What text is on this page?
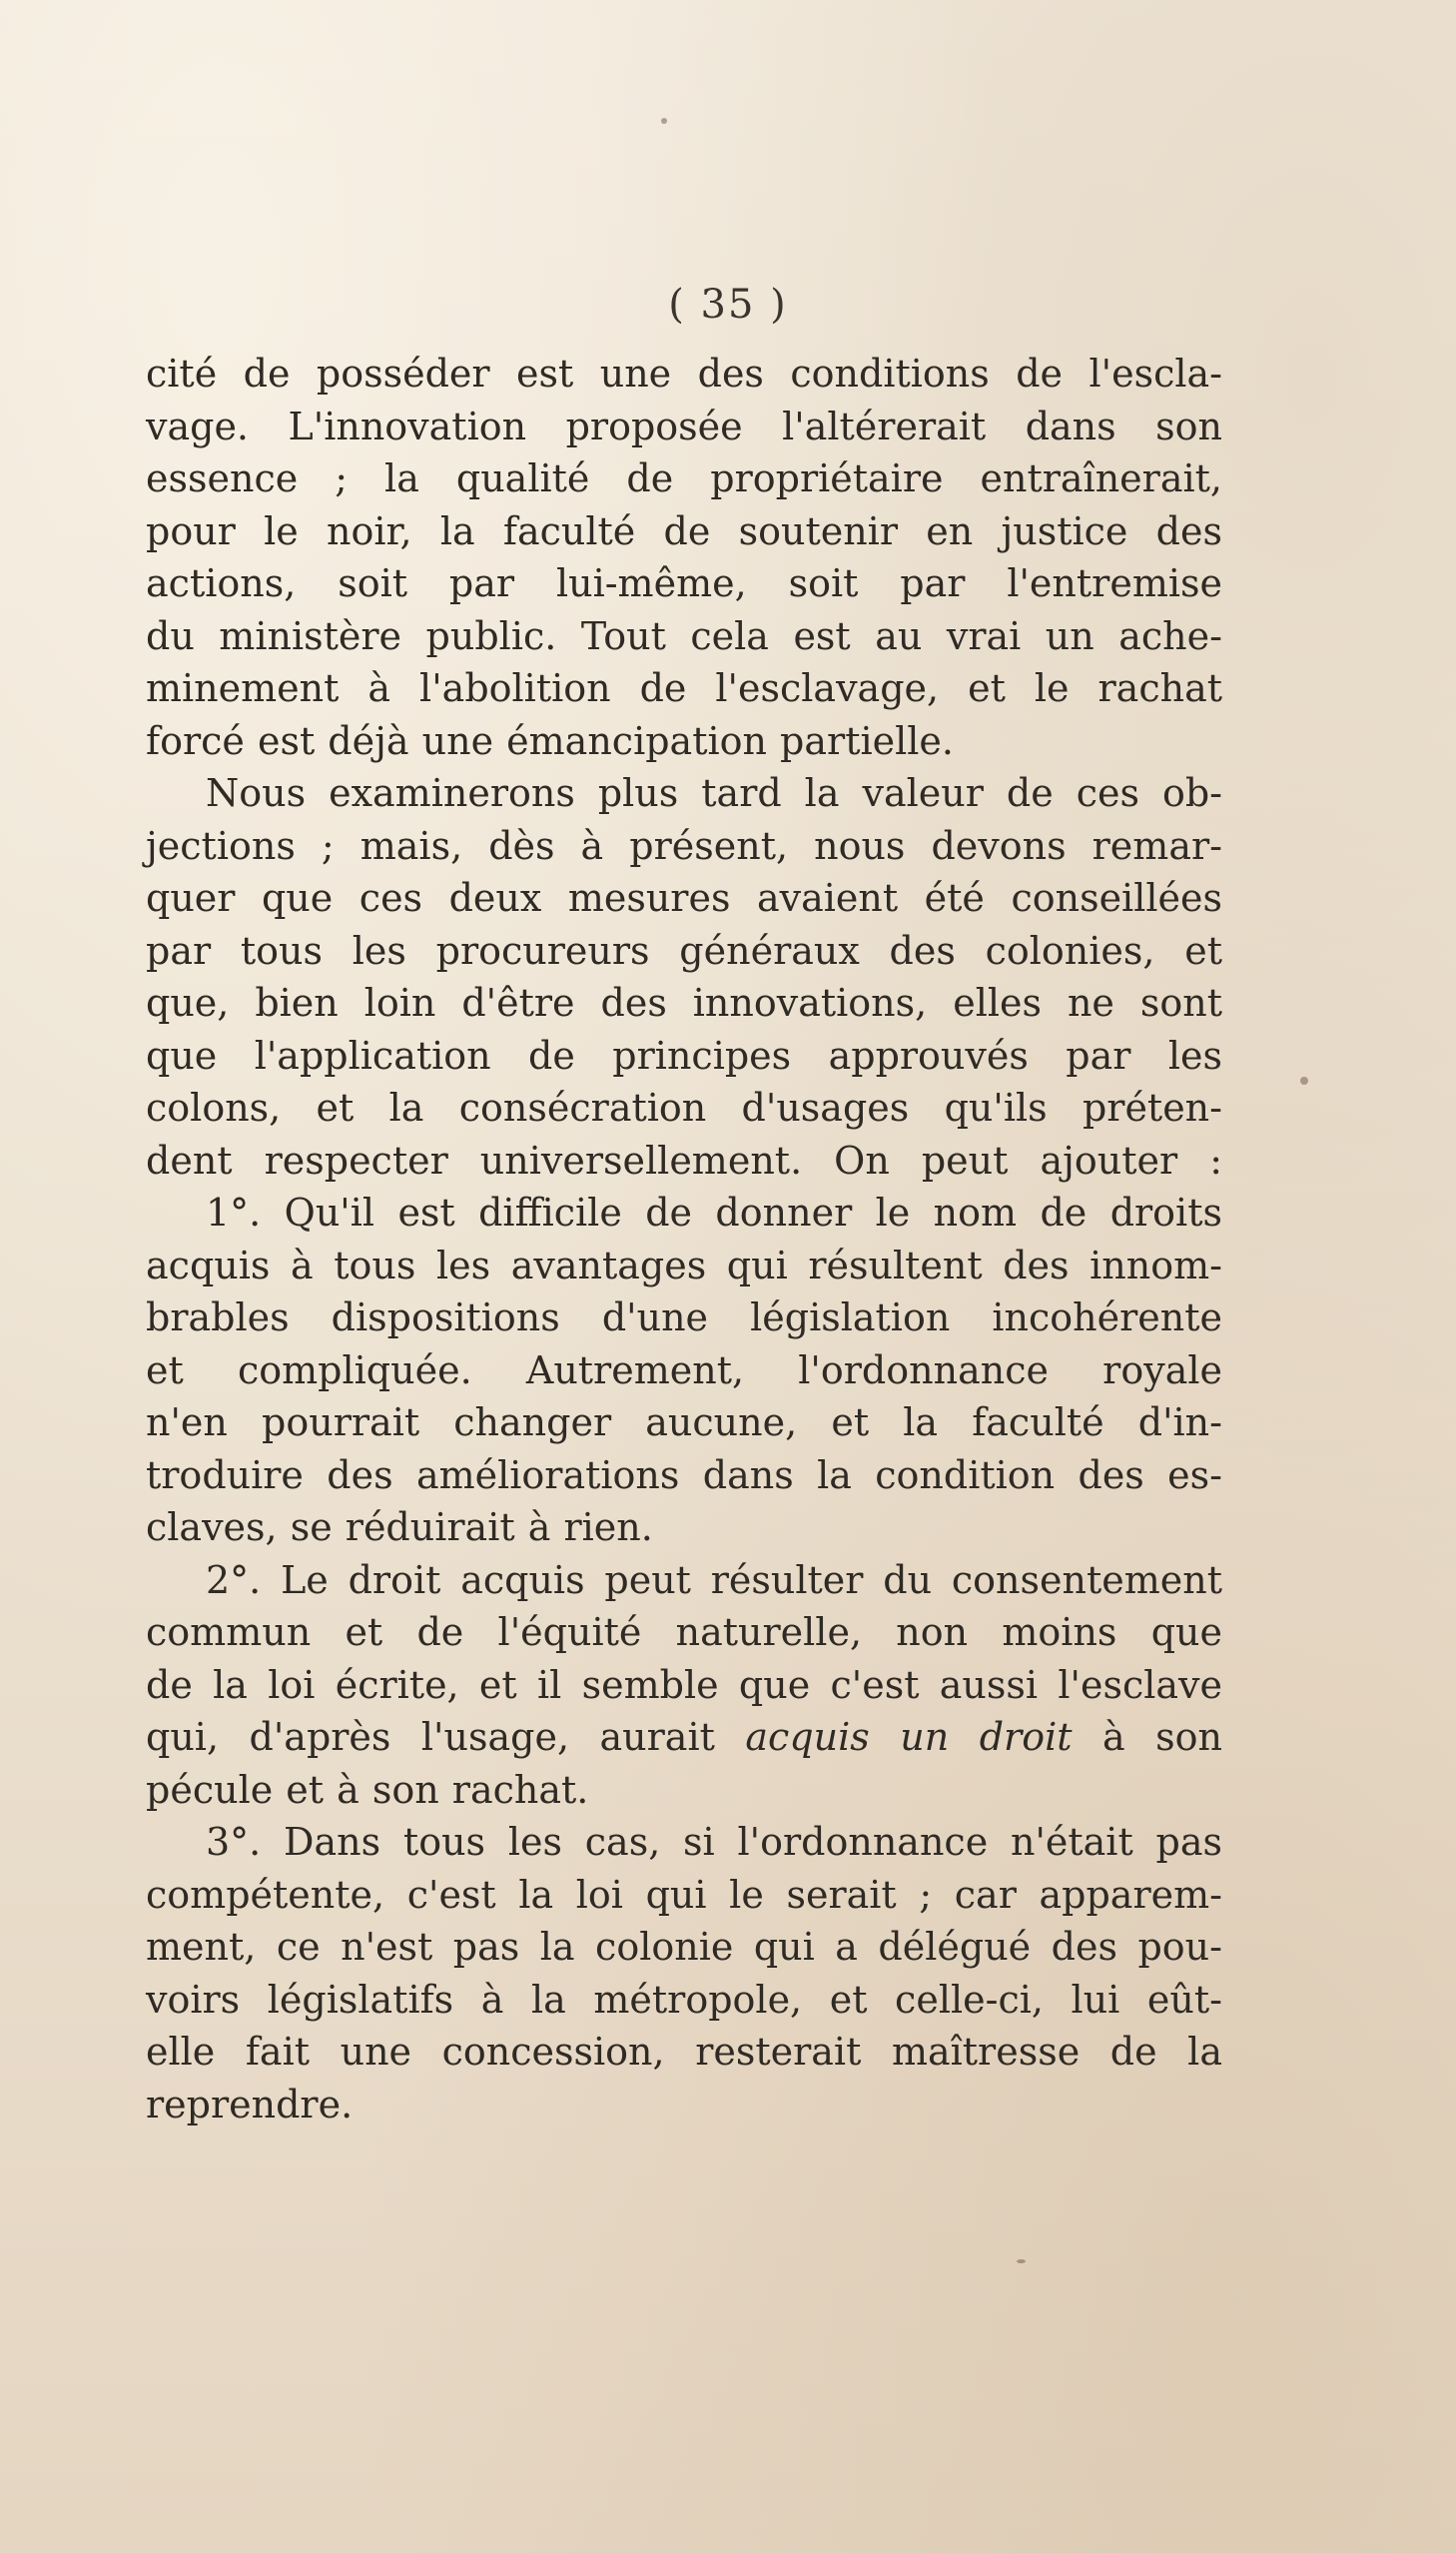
( 35 )
cité de posséder est une des conditions de l'escla-
vage. L'innovation proposée l'altérerait dans son
essence ; la qualité de propriétaire entraînerait,
pour le noir, la faculté de soutenir en justice des
actions, soit par lui-même, soit par l'entremise
du ministère public. Tout cela est au vrai un ache-
minement à l'abolition de l'esclavage, et le rachat
forcé est déjà une émancipation partielle.
Nous examinerons plus tard la valeur de ces ob-
jections ; mais, dès à présent, nous devons remar-
quer que ces deux mesures avaient été conseillées
par tous les procureurs généraux des colonies, et
que, bien loin d'être des innovations, elles ne sont
que l'application de principes approuvés par les
colons, et la consécration d'usages qu'ils préten-
dent respecter universellement. On peut ajouter :
1°. Qu'il est difficile de donner le nom de droits
acquis à tous les avantages qui résultent des innom-
brables dispositions d'une législation incohérente
et compliquée. Autrement, l'ordonnance royale
n'en pourrait changer aucune, et la faculté d'in-
troduire des améliorations dans la condition des es-
claves, se réduirait à rien.
2°. Le droit acquis peut résulter du consentement
commun et de l'équité naturelle, non moins que
de la loi écrite, et il semble que c'est aussi l'esclave
qui, d'après l'usage, aurait acquis un droit à son
pécule et à son rachat.
3°. Dans tous les cas, si l'ordonnance n'était pas
compétente, c'est la loi qui le serait ; car apparem-
ment, ce n'est pas la colonie qui a délégué des pou-
voirs législatifs à la métropole, et celle-ci, lui eût-
elle fait une concession, resterait maîtresse de la
reprendre.
